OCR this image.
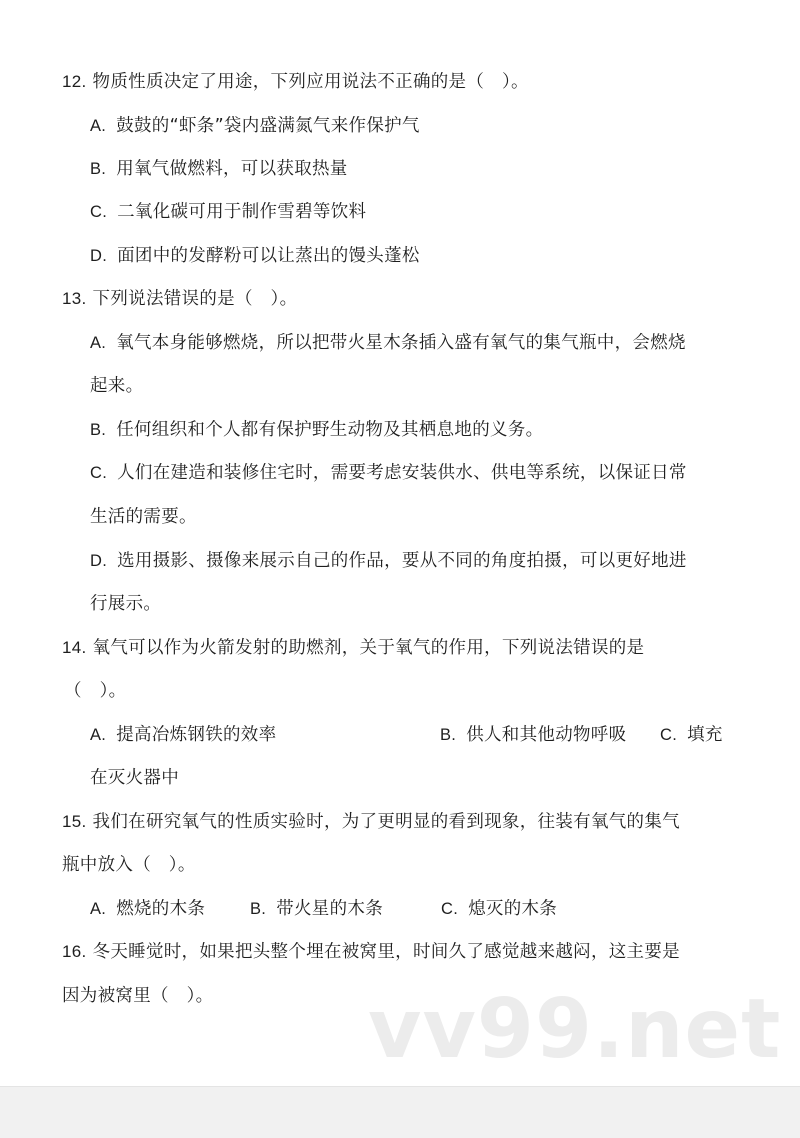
12. 物质性质决定了用途，下列应用说法不正确的是（　）。
A. 鼓鼓的“虾条”袋内盛满氮气来作保护气
B. 用氧气做燃料，可以获取热量
C. 二氧化碳可用于制作雪碧等饮料
D. 面团中的发酵粉可以让蒸出的馒头蓬松
13. 下列说法错误的是（　）。
A. 氧气本身能够燃烧，所以把带火星木条插入盛有氧气的集气瓶中，会燃烧
起来。
B. 任何组织和个人都有保护野生动物及其栖息地的义务。
C. 人们在建造和装修住宅时，需要考虑安装供水、供电等系统，以保证日常
生活的需要。
D. 选用摄影、摄像来展示自己的作品，要从不同的角度拍摄，可以更好地进
行展示。
14. 氧气可以作为火箭发射的助燃剂，关于氧气的作用，下列说法错误的是
（　）。
A. 提高冶炼钢铁的效率	B. 供人和其他动物呼吸 C. 填充
在灭火器中
15. 我们在研究氧气的性质实验时，为了更明显的看到现象，往装有氧气的集气
瓶中放入（　）。
A. 燃烧的木条	B. 带火星的木条	C. 熄灭的木条
16. 冬天睡觉时，如果把头整个埋在被窝里，时间久了感觉越来越闷，这主要是
因为被窝里（　）。 vv99.net
